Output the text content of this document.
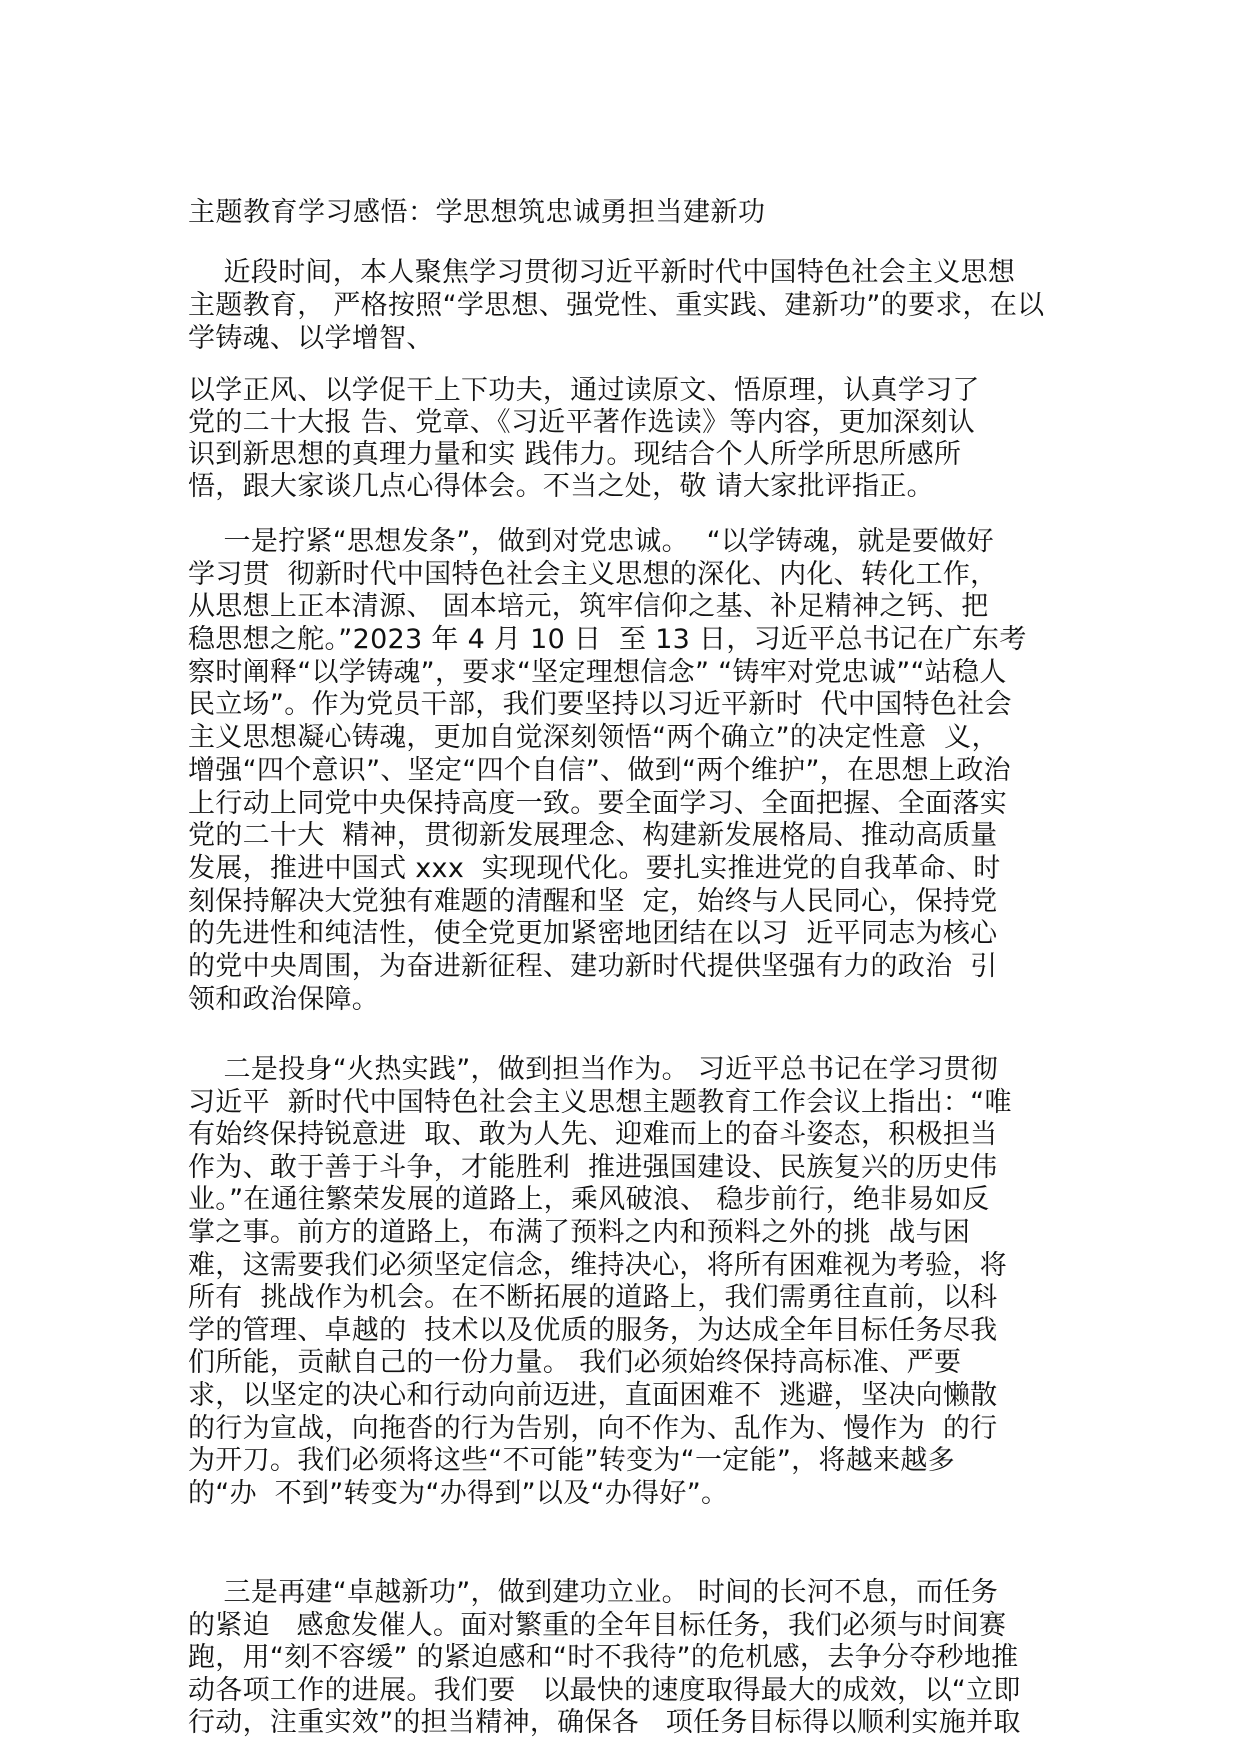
主题教育学习感悟：学思想筑忠诚勇担当建新功
近段时间，本人聚焦学习贯彻习近平新时代中国特色社会主义思想
主题教育， 严格按照“学思想、强党性、重实践、建新功”的要求，在以
学铸魂、以学增智、
以学正风、以学促干上下功夫，通过读原文、悟原理，认真学习了
党的二十大报 告、党章、《习近平著作选读》等内容，更加深刻认
识到新思想的真理力量和实 践伟力。现结合个人所学所思所感所
悟，跟大家谈几点心得体会。不当之处，敬 请大家批评指正。
一是拧紧“思想发条”，做到对党忠诚。  “以学铸魂，就是要做好
学习贯  彻新时代中国特色社会主义思想的深化、内化、转化工作，
从思想上正本清源、 固本培元，筑牢信仰之基、补足精神之钙、把
稳思想之舵。”2023 年 4 月 10 日  至 13 日，习近平总书记在广东考
察时阐释“以学铸魂”，要求“坚定理想信念” “铸牢对党忠诚”“站稳人
民立场”。作为党员干部，我们要坚持以习近平新时  代中国特色社会
主义思想凝心铸魂，更加自觉深刻领悟“两个确立”的决定性意  义，
增强“四个意识”、坚定“四个自信”、做到“两个维护”，在思想上政治
上行动上同党中央保持高度一致。要全面学习、全面把握、全面落实
党的二十大  精神，贯彻新发展理念、构建新发展格局、推动高质量
发展，推进中国式 xxx  实现现代化。要扎实推进党的自我革命、时
刻保持解决大党独有难题的清醒和坚  定，始终与人民同心，保持党
的先进性和纯洁性，使全党更加紧密地团结在以习  近平同志为核心
的党中央周围，为奋进新征程、建功新时代提供坚强有力的政治  引
领和政治保障。
二是投身“火热实践”，做到担当作为。 习近平总书记在学习贯彻
习近平  新时代中国特色社会主义思想主题教育工作会议上指出：“唯
有始终保持锐意进  取、敢为人先、迎难而上的奋斗姿态，积极担当
作为、敢于善于斗争，才能胜利  推进强国建设、民族复兴的历史伟
业。”在通往繁荣发展的道路上，乘风破浪、 稳步前行，绝非易如反
掌之事。前方的道路上，布满了预料之内和预料之外的挑  战与困
难，这需要我们必须坚定信念，维持决心，将所有困难视为考验，将
所有  挑战作为机会。在不断拓展的道路上，我们需勇往直前，以科
学的管理、卓越的  技术以及优质的服务，为达成全年目标任务尽我
们所能，贡献自己的一份力量。 我们必须始终保持高标准、严要
求，以坚定的决心和行动向前迈进，直面困难不  逃避，坚决向懒散
的行为宣战，向拖沓的行为告别，向不作为、乱作为、慢作为  的行
为开刀。我们必须将这些“不可能”转变为“一定能”，将越来越多
的“办  不到”转变为“办得到”以及“办得好”。
三是再建“卓越新功”，做到建功立业。 时间的长河不息，而任务
的紧迫   感愈发催人。面对繁重的全年目标任务，我们必须与时间赛
跑，用“刻不容缓” 的紧迫感和“时不我待”的危机感，去争分夺秒地推
动各项工作的进展。我们要   以最快的速度取得最大的成效，以“立即
行动，注重实效”的担当精神，确保各   项任务目标得以顺利实施并取
